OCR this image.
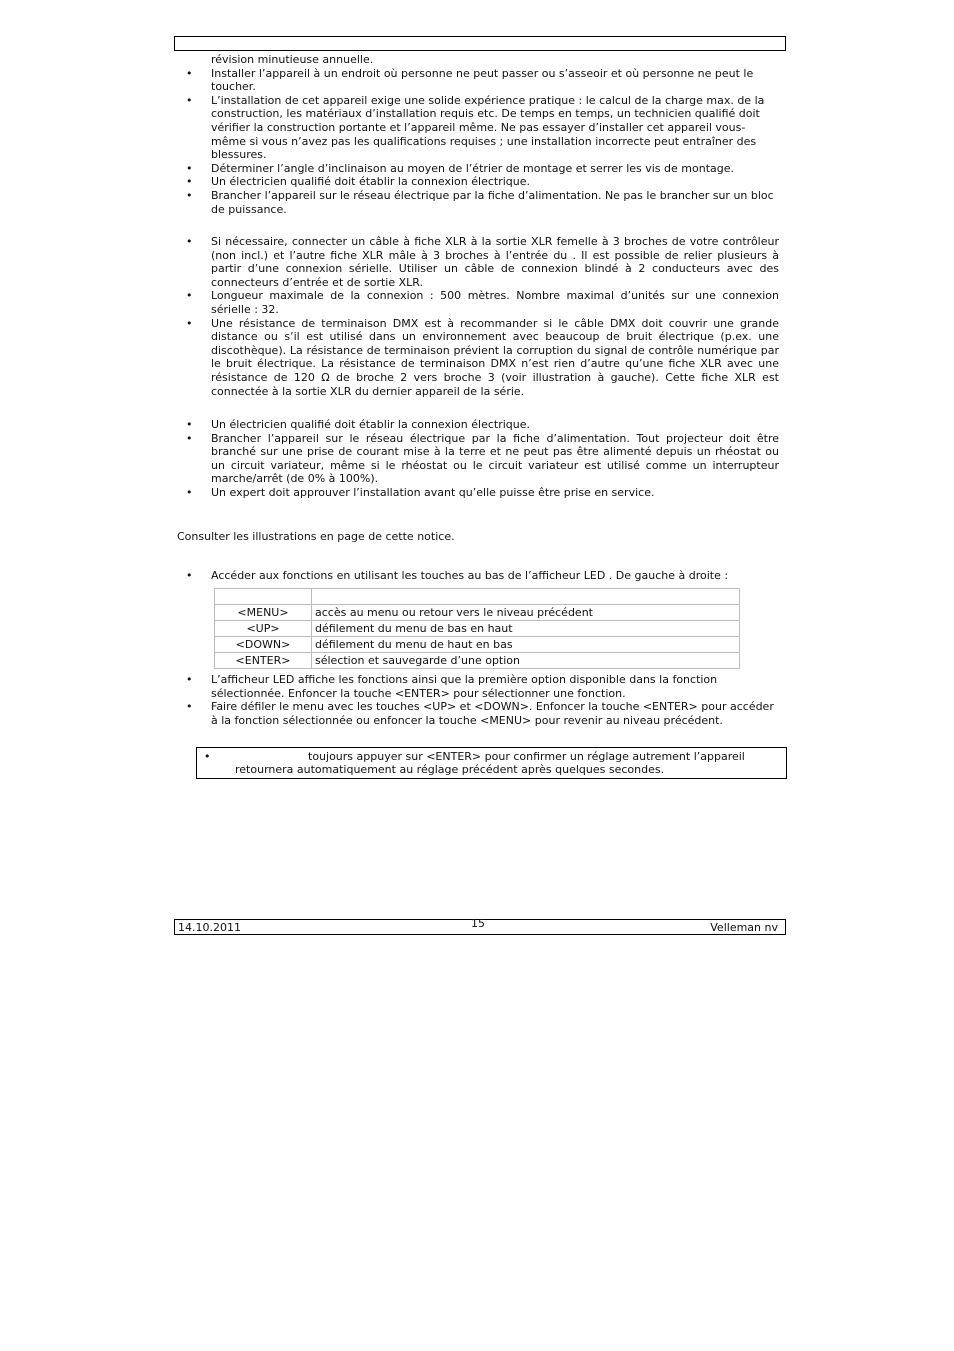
révision minutieuse annuelle.
• Installer l’appareil à un endroit où personne ne peut passer ou s’asseoir et où personne ne peut le toucher.
• L’installation de cet appareil exige une solide expérience pratique : le calcul de la charge max. de la construction, les matériaux d’installation requis etc. De temps en temps, un technicien qualifié doit vérifier la construction portante et l’appareil même. Ne pas essayer d’installer cet appareil vous-même si vous n’avez pas les qualifications requises ; une installation incorrecte peut entraîner des blessures.
• Déterminer l’angle d’inclinaison au moyen de l’étrier de montage et serrer les vis de montage.
• Un électricien qualifié doit établir la connexion électrique.
• Brancher l’appareil sur le réseau électrique par la fiche d’alimentation. Ne pas le brancher sur un bloc de puissance.
• Si nécessaire, connecter un câble à fiche XLR à la sortie XLR femelle à 3 broches de votre contrôleur (non incl.) et l’autre fiche XLR mâle à 3 broches à l’entrée du . Il est possible de relier plusieurs à partir d’une connexion sérielle. Utiliser un câble de connexion blindé à 2 conducteurs avec des connecteurs d’entrée et de sortie XLR.
• Longueur maximale de la connexion : 500 mètres. Nombre maximal d’unités sur une connexion sérielle : 32.
• Une résistance de terminaison DMX est à recommander si le câble DMX doit couvrir une grande distance ou s’il est utilisé dans un environnement avec beaucoup de bruit électrique (p.ex. une discothèque). La résistance de terminaison prévient la corruption du signal de contrôle numérique par le bruit électrique. La résistance de terminaison DMX n’est rien d’autre qu’une fiche XLR avec une résistance de 120 Ω de broche 2 vers broche 3 (voir illustration à gauche). Cette fiche XLR est connectée à la sortie XLR du dernier appareil de la série.
• Un électricien qualifié doit établir la connexion électrique.
• Brancher l’appareil sur le réseau électrique par la fiche d’alimentation. Tout projecteur doit être branché sur une prise de courant mise à la terre et ne peut pas être alimenté depuis un rhéostat ou un circuit variateur, même si le rhéostat ou le circuit variateur est utilisé comme un interrupteur marche/arrêt (de 0% à 100%).
• Un expert doit approuver l’installation avant qu’elle puisse être prise en service.
Consulter les illustrations en page de cette notice.
• Accéder aux fonctions en utilisant les touches au bas de l’afficheur LED . De gauche à droite :

<MENU>	accès au menu ou retour vers le niveau précédent
<UP>	défilement du menu de bas en haut
<DOWN>	défilement du menu de haut en bas
<ENTER>	sélection et sauvegarde d’une option
• L’afficheur LED affiche les fonctions ainsi que la première option disponible dans la fonction sélectionnée. Enfoncer la touche <ENTER> pour sélectionner une fonction.
• Faire défiler le menu avec les touches <UP> et <DOWN>. Enfoncer la touche <ENTER> pour accéder à la fonction sélectionnée ou enfoncer la touche <MENU> pour revenir au niveau précédent.
•	toujours appuyer sur <ENTER> pour confirmer un réglage autrement l’appareil
retournera automatiquement au réglage précédent après quelques secondes.
14.10.2011	15	Velleman nv
